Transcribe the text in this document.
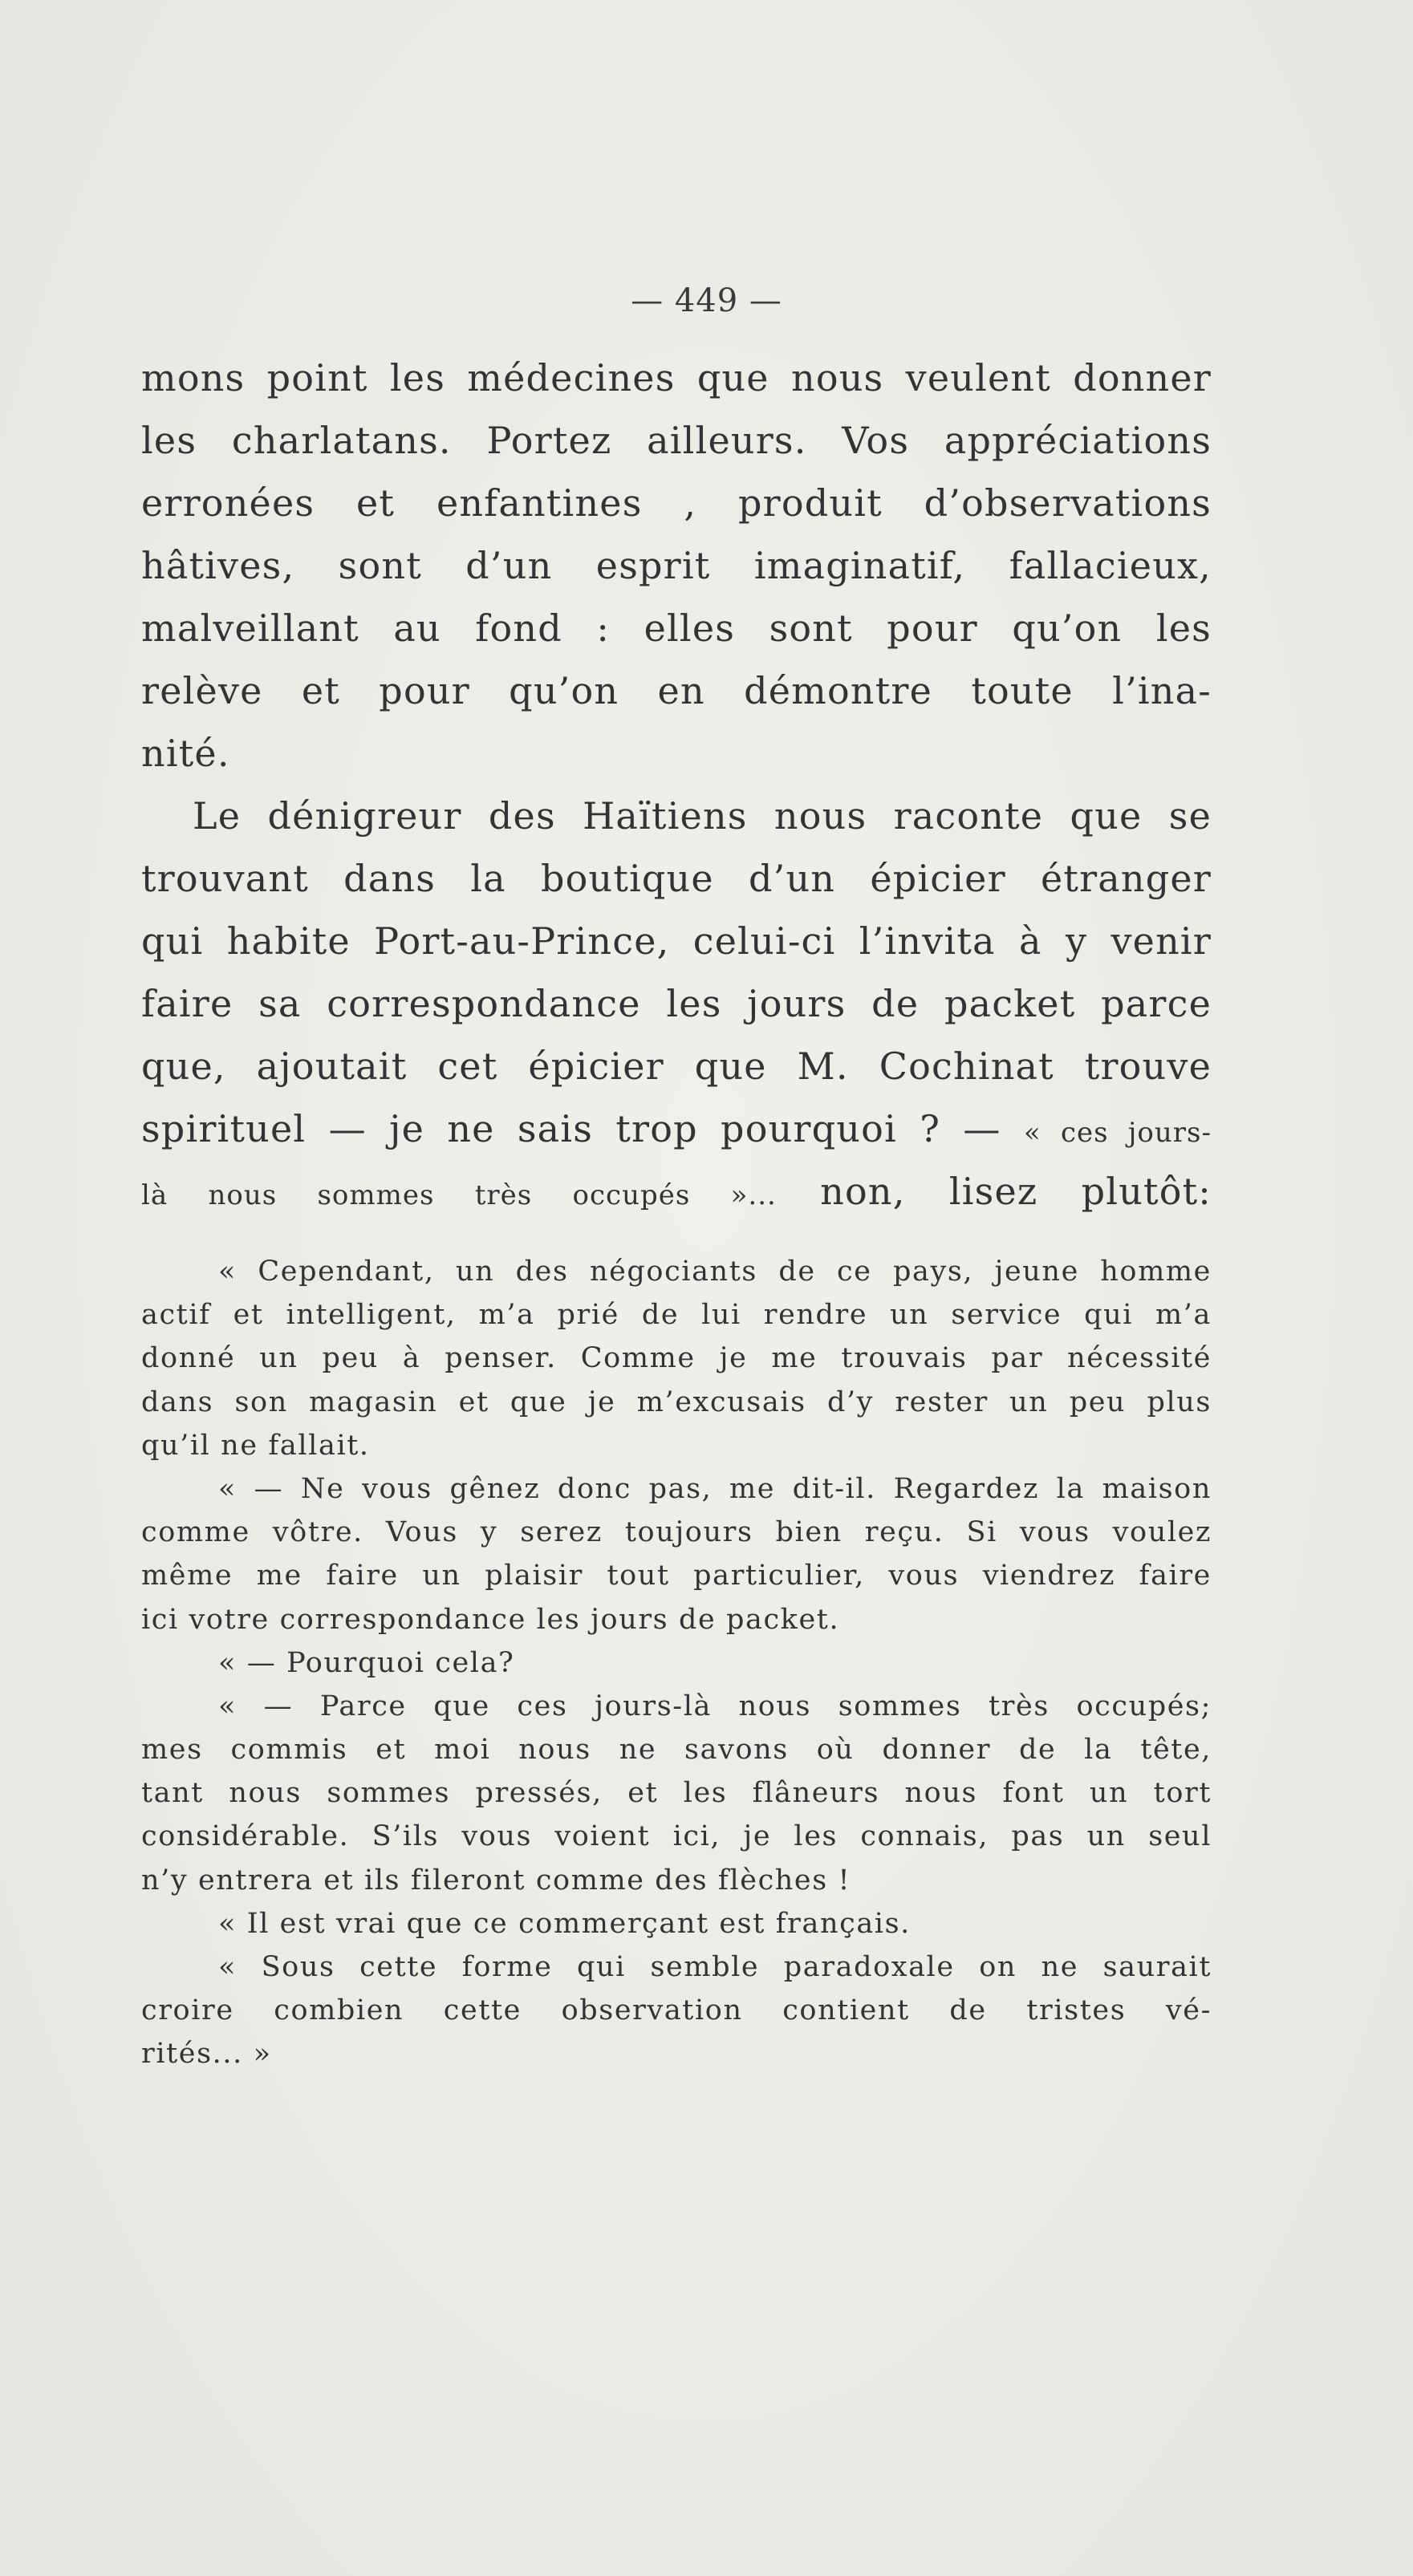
— 449 —
mons point les médecines que nous veulent donner
les charlatans. Portez ailleurs. Vos appréciations
erronées et enfantines , produit d’observations
hâtives, sont d’un esprit imaginatif, fallacieux,
malveillant au fond : elles sont pour qu’on les
relève et pour qu’on en démontre toute l’ina-
nité.
Le dénigreur des Haïtiens nous raconte que se
trouvant dans la boutique d’un épicier étranger
qui habite Port-au-Prince, celui-ci l’invita à y venir
faire sa correspondance les jours de packet parce
que, ajoutait cet épicier que M. Cochinat trouve
spirituel — je ne sais trop pourquoi ? — « ces jours-
là nous sommes très occupés »... non, lisez plutôt:
« Cependant, un des négociants de ce pays, jeune homme
actif et intelligent, m’a prié de lui rendre un service qui m’a
donné un peu à penser. Comme je me trouvais par nécessité
dans son magasin et que je m’excusais d’y rester un peu plus
qu’il ne fallait.
« — Ne vous gênez donc pas, me dit-il. Regardez la maison
comme vôtre. Vous y serez toujours bien reçu. Si vous voulez
même me faire un plaisir tout particulier, vous viendrez faire
ici votre correspondance les jours de packet.
« — Pourquoi cela?
« — Parce que ces jours-là nous sommes très occupés;
mes commis et moi nous ne savons où donner de la tête,
tant nous sommes pressés, et les flâneurs nous font un tort
considérable. S’ils vous voient ici, je les connais, pas un seul
n’y entrera et ils fileront comme des flèches !
« Il est vrai que ce commerçant est français.
« Sous cette forme qui semble paradoxale on ne saurait
croire combien cette observation contient de tristes vé-
rités... »
